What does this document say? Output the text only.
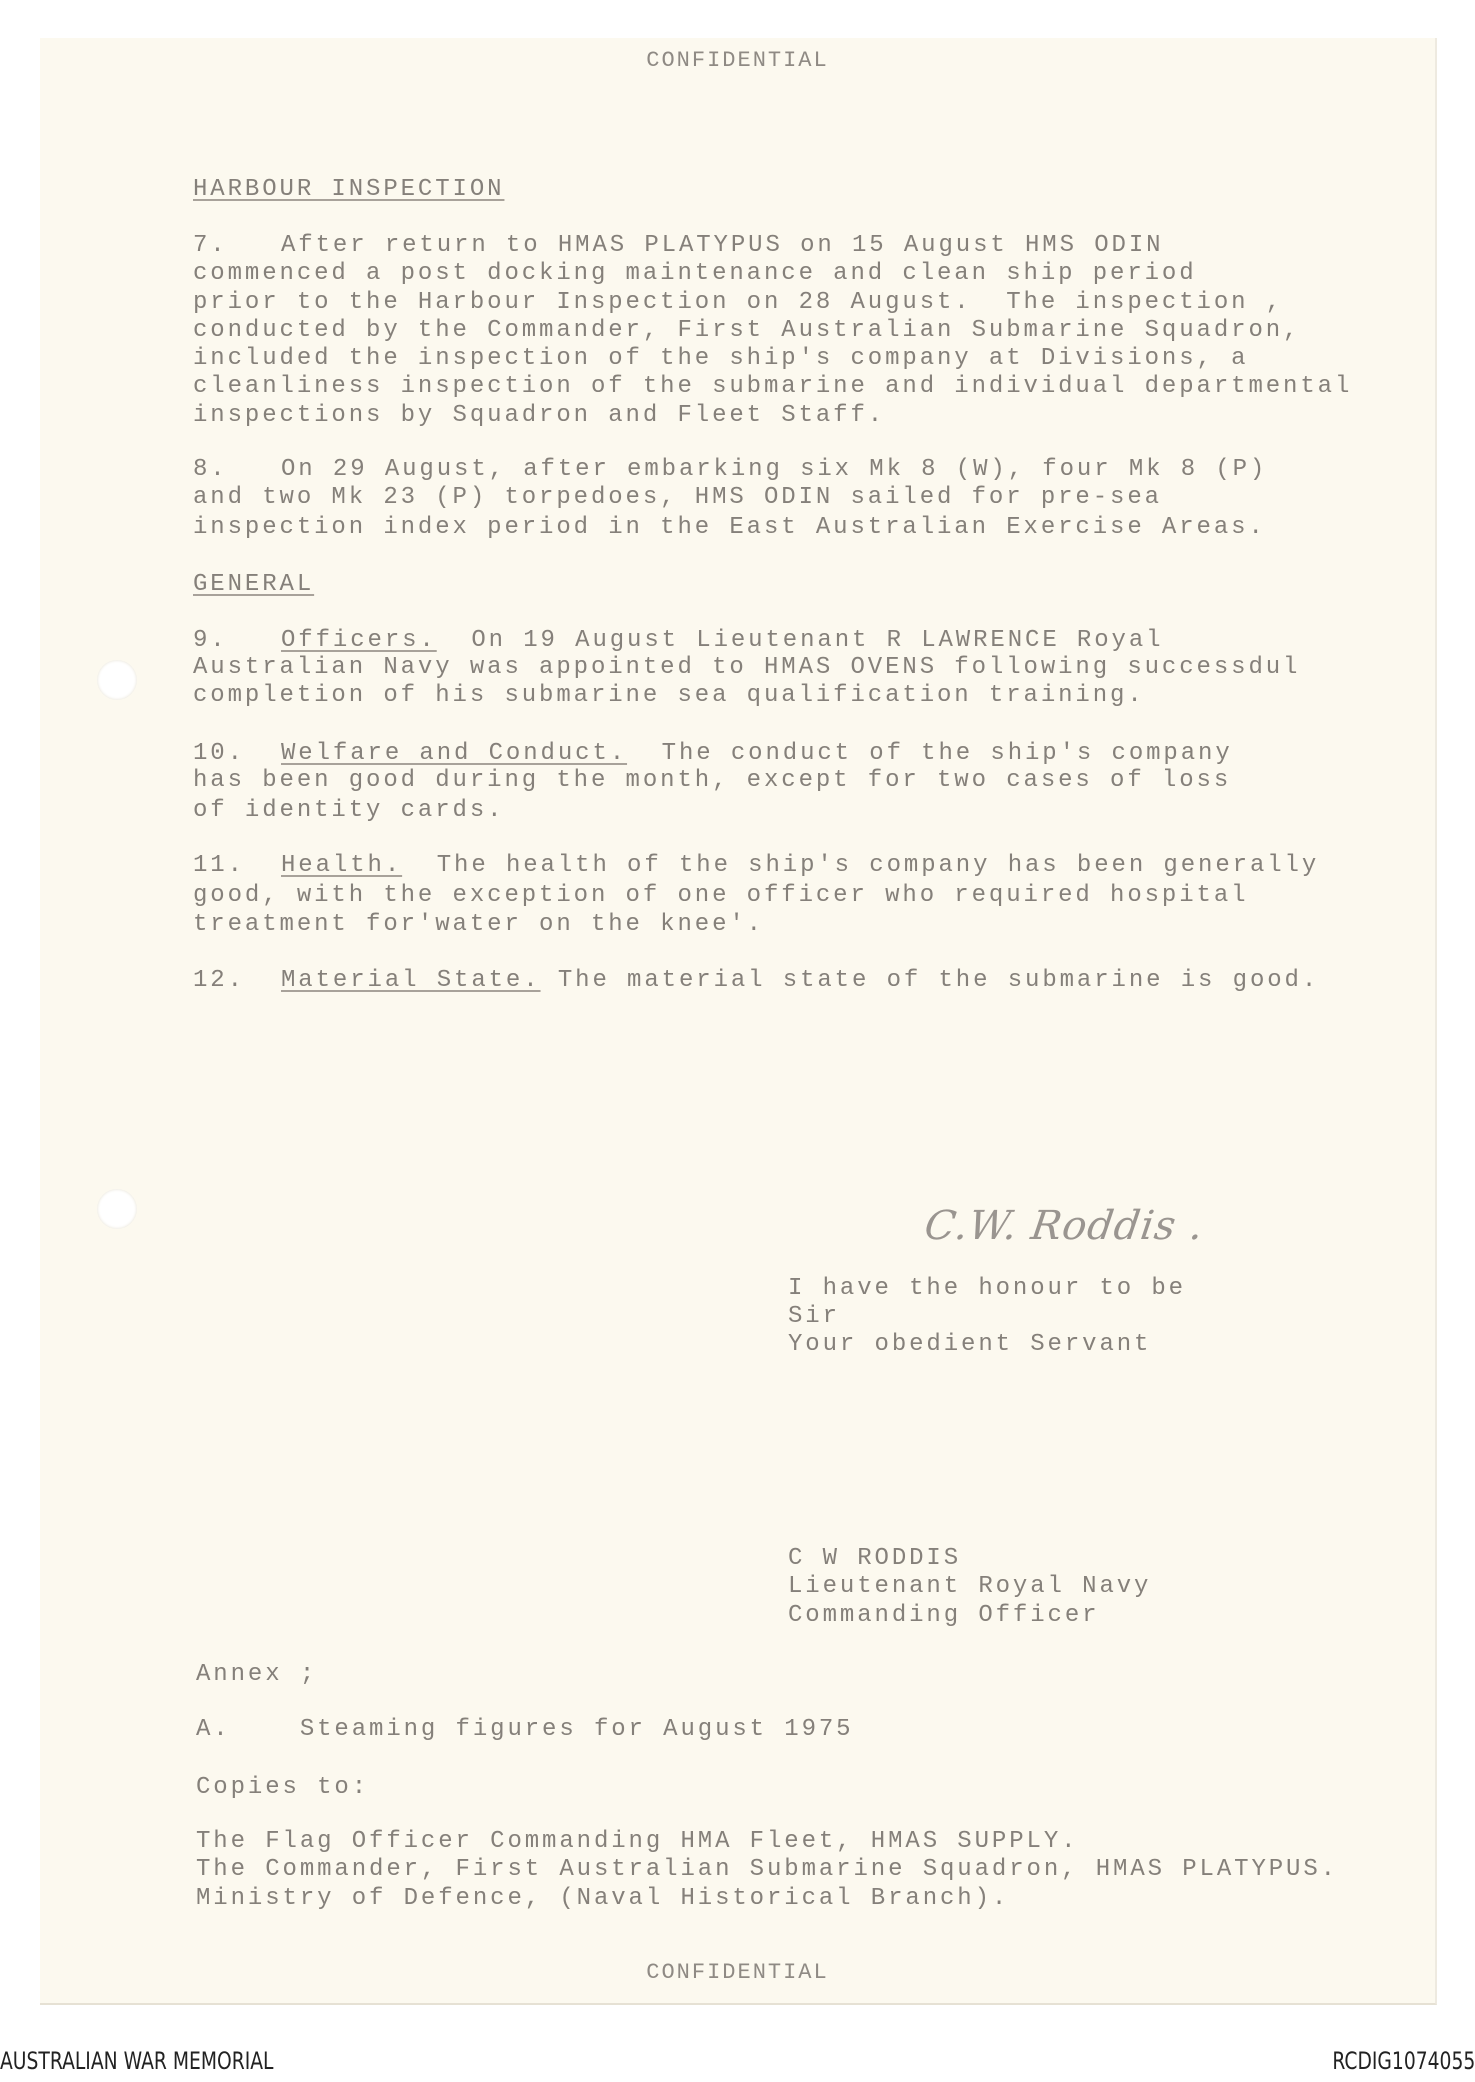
CONFIDENTIAL
CONFIDENTIAL
C.W. Roddis .
HARBOUR INSPECTION
7. After return to HMAS PLATYPUS on 15 August HMS ODIN
commenced a post docking maintenance and clean ship period
prior to the Harbour Inspection on 28 August.  The inspection ,
conducted by the Commander, First Australian Submarine Squadron,
included the inspection of the ship's company at Divisions, a
cleanliness inspection of the submarine and individual departmental
inspections by Squadron and Fleet Staff.
8. On 29 August, after embarking six Mk 8 (W), four Mk 8 (P)
and two Mk 23 (P) torpedoes, HMS ODIN sailed for pre-sea
inspection index period in the East Australian Exercise Areas.
GENERAL
9. Officers.  On 19 August Lieutenant R LAWRENCE Royal
Australian Navy was appointed to HMAS OVENS following successdul
completion of his submarine sea qualification training.
10. Welfare and Conduct.  The conduct of the ship's company
has been good during the month, except for two cases of loss
of identity cards.
11. Health.  The health of the ship's company has been generally
good, with the exception of one officer who required hospital
treatment for'water on the knee'.
12. Material State. The material state of the submarine is good.
I have the honour to be
Sir
Your obedient Servant
C W RODDIS
Lieutenant Royal Navy
Commanding Officer
Annex ;
A.    Steaming figures for August 1975
Copies to:
The Flag Officer Commanding HMA Fleet, HMAS SUPPLY.
The Commander, First Australian Submarine Squadron, HMAS PLATYPUS.
Ministry of Defence, (Naval Historical Branch).
AUSTRALIAN WAR MEMORIAL	RCDIG1074055
